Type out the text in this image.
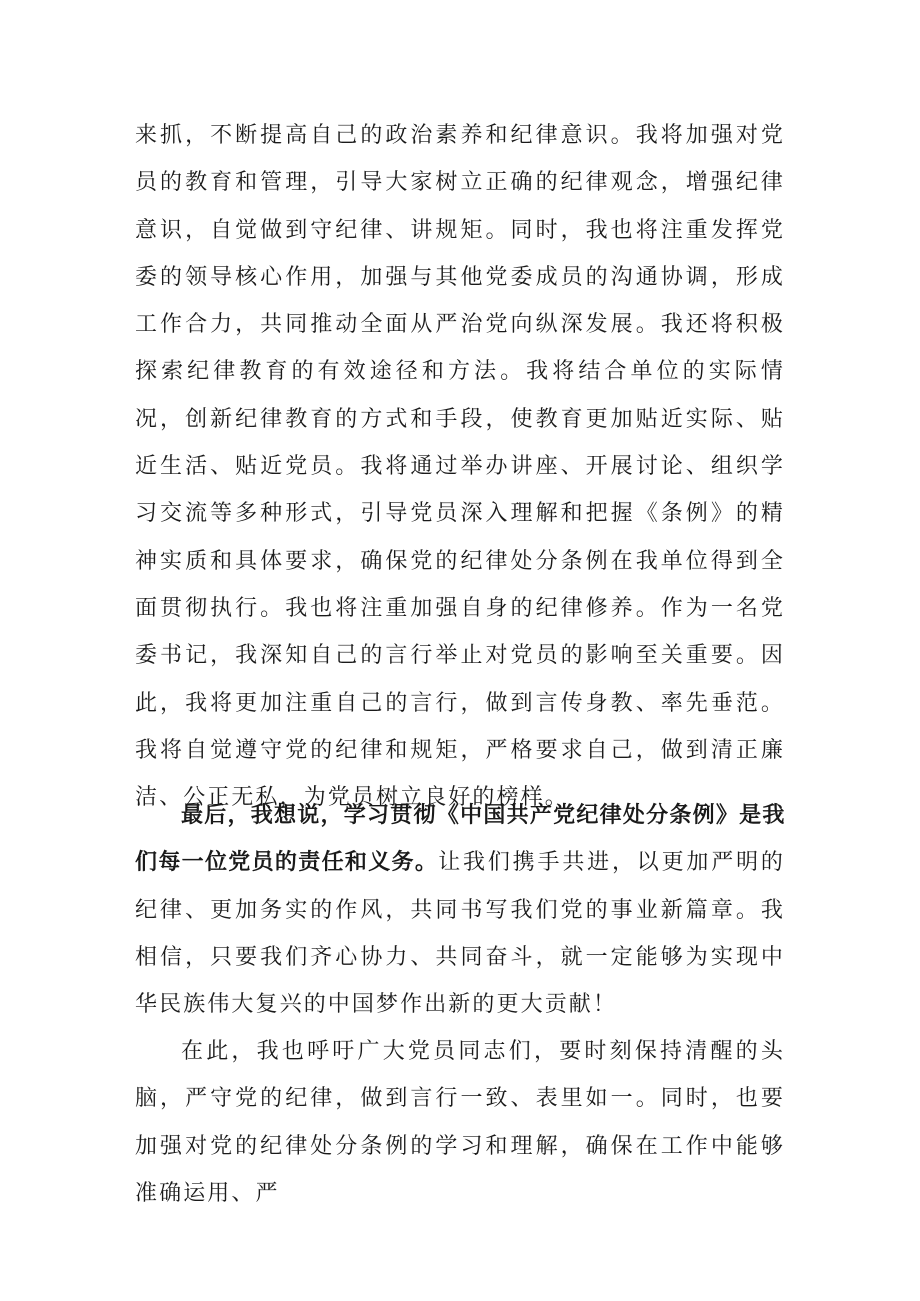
来抓，不断提高自己的政治素养和纪律意识。我将加强对党员的教育和管理，引导大家树立正确的纪律观念，增强纪律意识，自觉做到守纪律、讲规矩。同时，我也将注重发挥党委的领导核心作用，加强与其他党委成员的沟通协调，形成工作合力，共同推动全面从严治党向纵深发展。我还将积极探索纪律教育的有效途径和方法。我将结合单位的实际情况，创新纪律教育的方式和手段，使教育更加贴近实际、贴近生活、贴近党员。我将通过举办讲座、开展讨论、组织学习交流等多种形式，引导党员深入理解和把握《条例》的精神实质和具体要求，确保党的纪律处分条例在我单位得到全面贯彻执行。我也将注重加强自身的纪律修养。作为一名党委书记，我深知自己的言行举止对党员的影响至关重要。因此，我将更加注重自己的言行，做到言传身教、率先垂范。我将自觉遵守党的纪律和规矩，严格要求自己，做到清正廉洁、公正无私，为党员树立良好的榜样。

最后，我想说，学习贯彻《中国共产党纪律处分条例》是我们每一位党员的责任和义务。让我们携手共进，以更加严明的纪律、更加务实的作风，共同书写我们党的事业新篇章。我相信，只要我们齐心协力、共同奋斗，就一定能够为实现中华民族伟大复兴的中国梦作出新的更大贡献！

在此，我也呼吁广大党员同志们，要时刻保持清醒的头脑，严守党的纪律，做到言行一致、表里如一。同时，也要加强对党的纪律处分条例的学习和理解，确保在工作中能够准确运用、严
